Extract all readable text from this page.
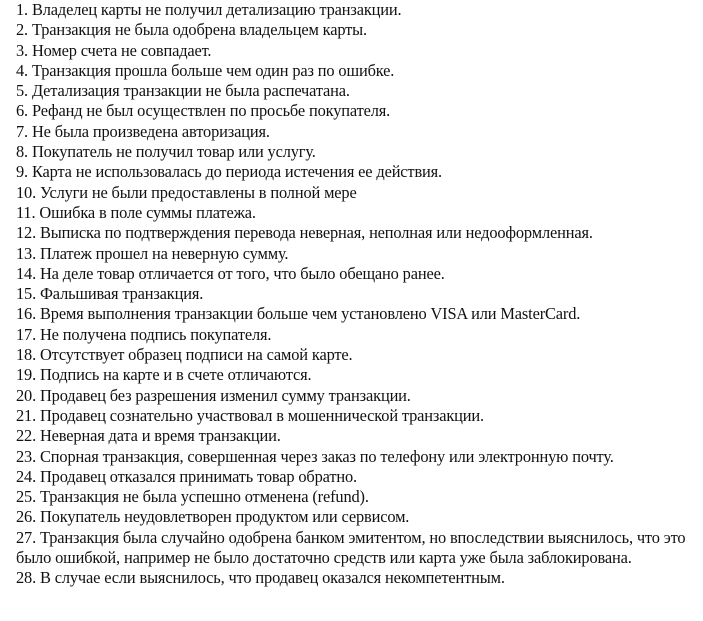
1. Владелец карты не получил детализацию транзакции.

2. Транзакция не была одобрена владельцем карты.

3. Номер счета не совпадает.

4. Транзакция прошла больше чем один раз по ошибке.

5. Детализация транзакции не была распечатана.

6. Рефанд не был осуществлен по просьбе покупателя.

7. Не была произведена авторизация.

8. Покупатель не получил товар или услугу.

9. Карта не использовалась до периода истечения ее действия.

10. Услуги не были предоставлены в полной мере

11. Ошибка в поле суммы платежа.

12. Выписка по подтверждения перевода неверная, неполная или недооформленная.

13. Платеж прошел на неверную сумму.

14. На деле товар отличается от того, что было обещано ранее.

15. Фальшивая транзакция.

16. Время выполнения транзакции больше чем установлено VISA или MasterCard.

17. Не получена подпись покупателя.

18. Отсутствует образец подписи на самой карте.

19. Подпись на карте и в счете отличаются.

20. Продавец без разрешения изменил сумму транзакции.

21. Продавец сознательно участвовал в мошеннической транзакции.

22. Неверная дата и время транзакции.

23. Спорная транзакция, совершенная через заказ по телефону или электронную почту.

24. Продавец отказался принимать товар обратно.

25. Транзакция не была успешно отменена (refund).

26. Покупатель неудовлетворен продуктом или сервисом.

27. Транзакция была случайно одобрена банком эмитентом, но впоследствии выяснилось, что это было ошибкой, например не было достаточно средств или карта уже была заблокирована.

28. В случае если выяснилось, что продавец оказался некомпетентным.
